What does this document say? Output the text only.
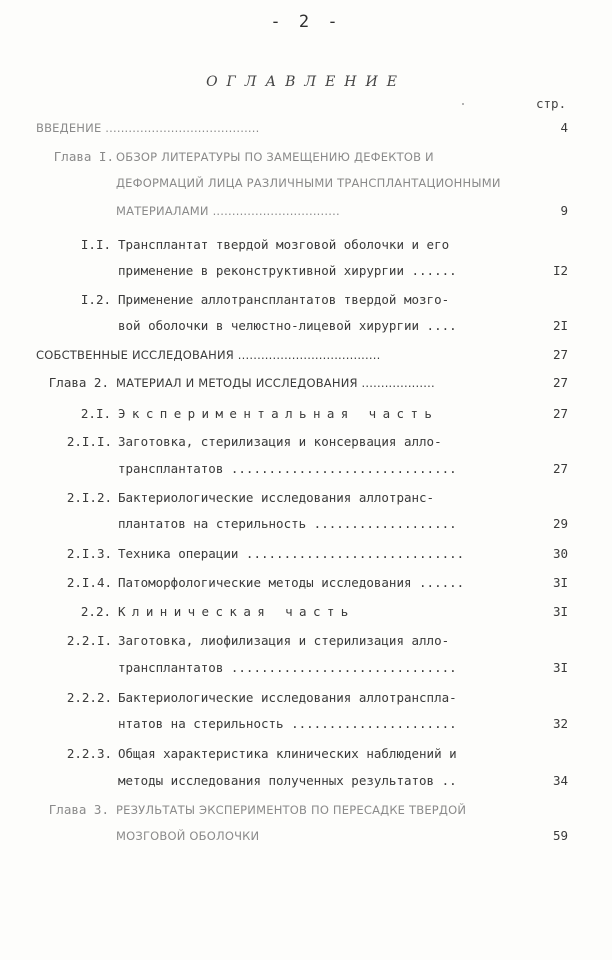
- 2 -
ОГЛАВЛЕНИЕ
стр.
ВВЕДЕНИЕ ........................................	4
Глава I. ОБЗОР ЛИТЕРАТУРЫ ПО ЗАМЕЩЕНИЮ ДЕФЕКТОВ И
ДЕФОРМАЦИЙ ЛИЦА РАЗЛИЧНЫМИ ТРАНСПЛАНТАЦИОННЫМИ
МАТЕРИАЛАМИ .................................	9
I.I. Трансплантат твердой мозговой оболочки и его
применение в реконструктивной хирургии ......	I2
I.2. Применение аллотрансплантатов твердой мозго-
вой оболочки в челюстно-лицевой хирургии ....	2I
СОБСТВЕННЫЕ ИССЛЕДОВАНИЯ .....................................	27
Глава 2. МАТЕРИАЛ И МЕТОДЫ ИССЛЕДОВАНИЯ ...................	27
2.I. Экспериментальная часть	27
2.I.I. Заготовка, стерилизация и консервация алло-
трансплантатов ..............................	27
2.I.2. Бактериологические исследования аллотранс-
плантатов на стерильность ...................	29
2.I.3. Техника операции .............................	30
2.I.4. Патоморфологические методы исследования ......	3I
2.2. Клиническая часть	3I
2.2.I. Заготовка, лиофилизация и стерилизация алло-
трансплантатов ..............................	3I
2.2.2. Бактериологические исследования аллотранспла-
нтатов на стерильность ......................	32
2.2.3. Общая характеристика клинических наблюдений и
методы исследования полученных результатов ..	34
Глава 3. РЕЗУЛЬТАТЫ ЭКСПЕРИМЕНТОВ ПО ПЕРЕСАДКЕ ТВЕРДОЙ
МОЗГОВОЙ ОБОЛОЧКИ	59
